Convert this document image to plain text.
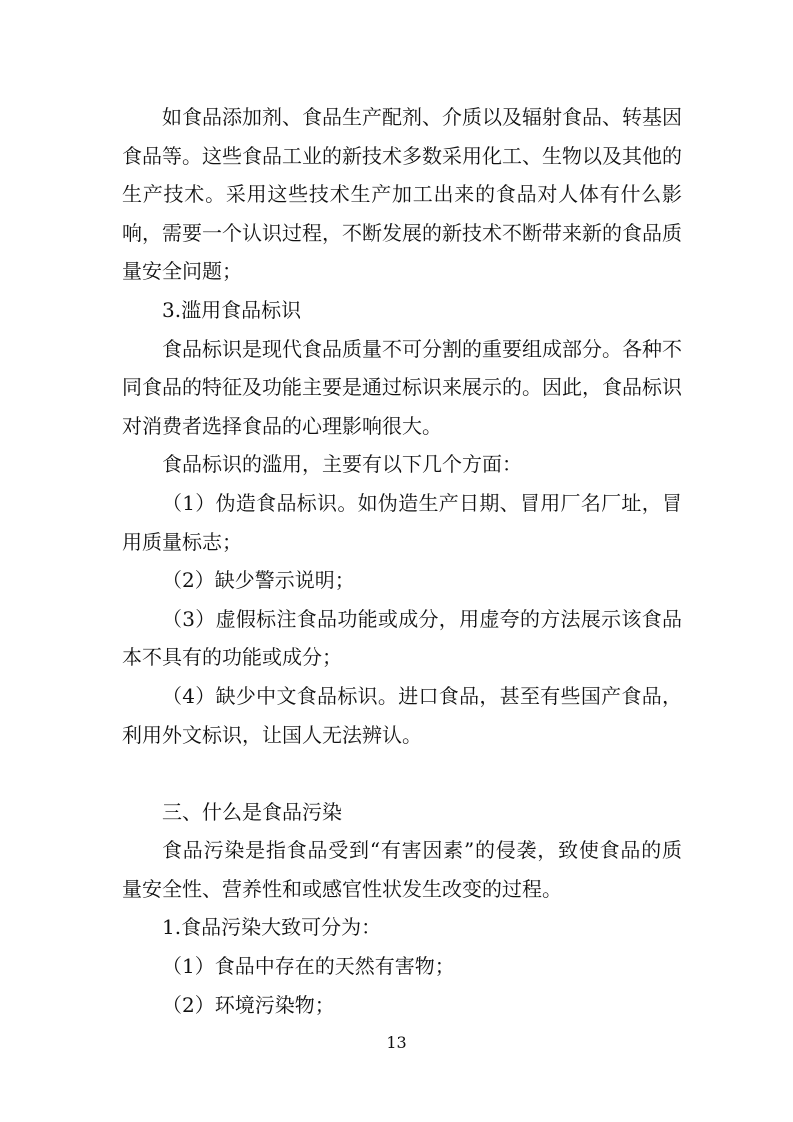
如食品添加剂、食品生产配剂、介质以及辐射食品、转基因食品等。这些食品工业的新技术多数采用化工、生物以及其他的生产技术。采用这些技术生产加工出来的食品对人体有什么影响，需要一个认识过程，不断发展的新技术不断带来新的食品质量安全问题；

3.滥用食品标识

食品标识是现代食品质量不可分割的重要组成部分。各种不同食品的特征及功能主要是通过标识来展示的。因此，食品标识对消费者选择食品的心理影响很大。

食品标识的滥用，主要有以下几个方面：

（1）伪造食品标识。如伪造生产日期、冒用厂名厂址，冒用质量标志；

（2）缺少警示说明；

（3）虚假标注食品功能或成分，用虚夸的方法展示该食品本不具有的功能或成分；

（4）缺少中文食品标识。进口食品，甚至有些国产食品，利用外文标识，让国人无法辨认。

三、什么是食品污染

食品污染是指食品受到“有害因素”的侵袭，致使食品的质量安全性、营养性和或感官性状发生改变的过程。

1.食品污染大致可分为：

（1）食品中存在的天然有害物；

（2）环境污染物；

13
